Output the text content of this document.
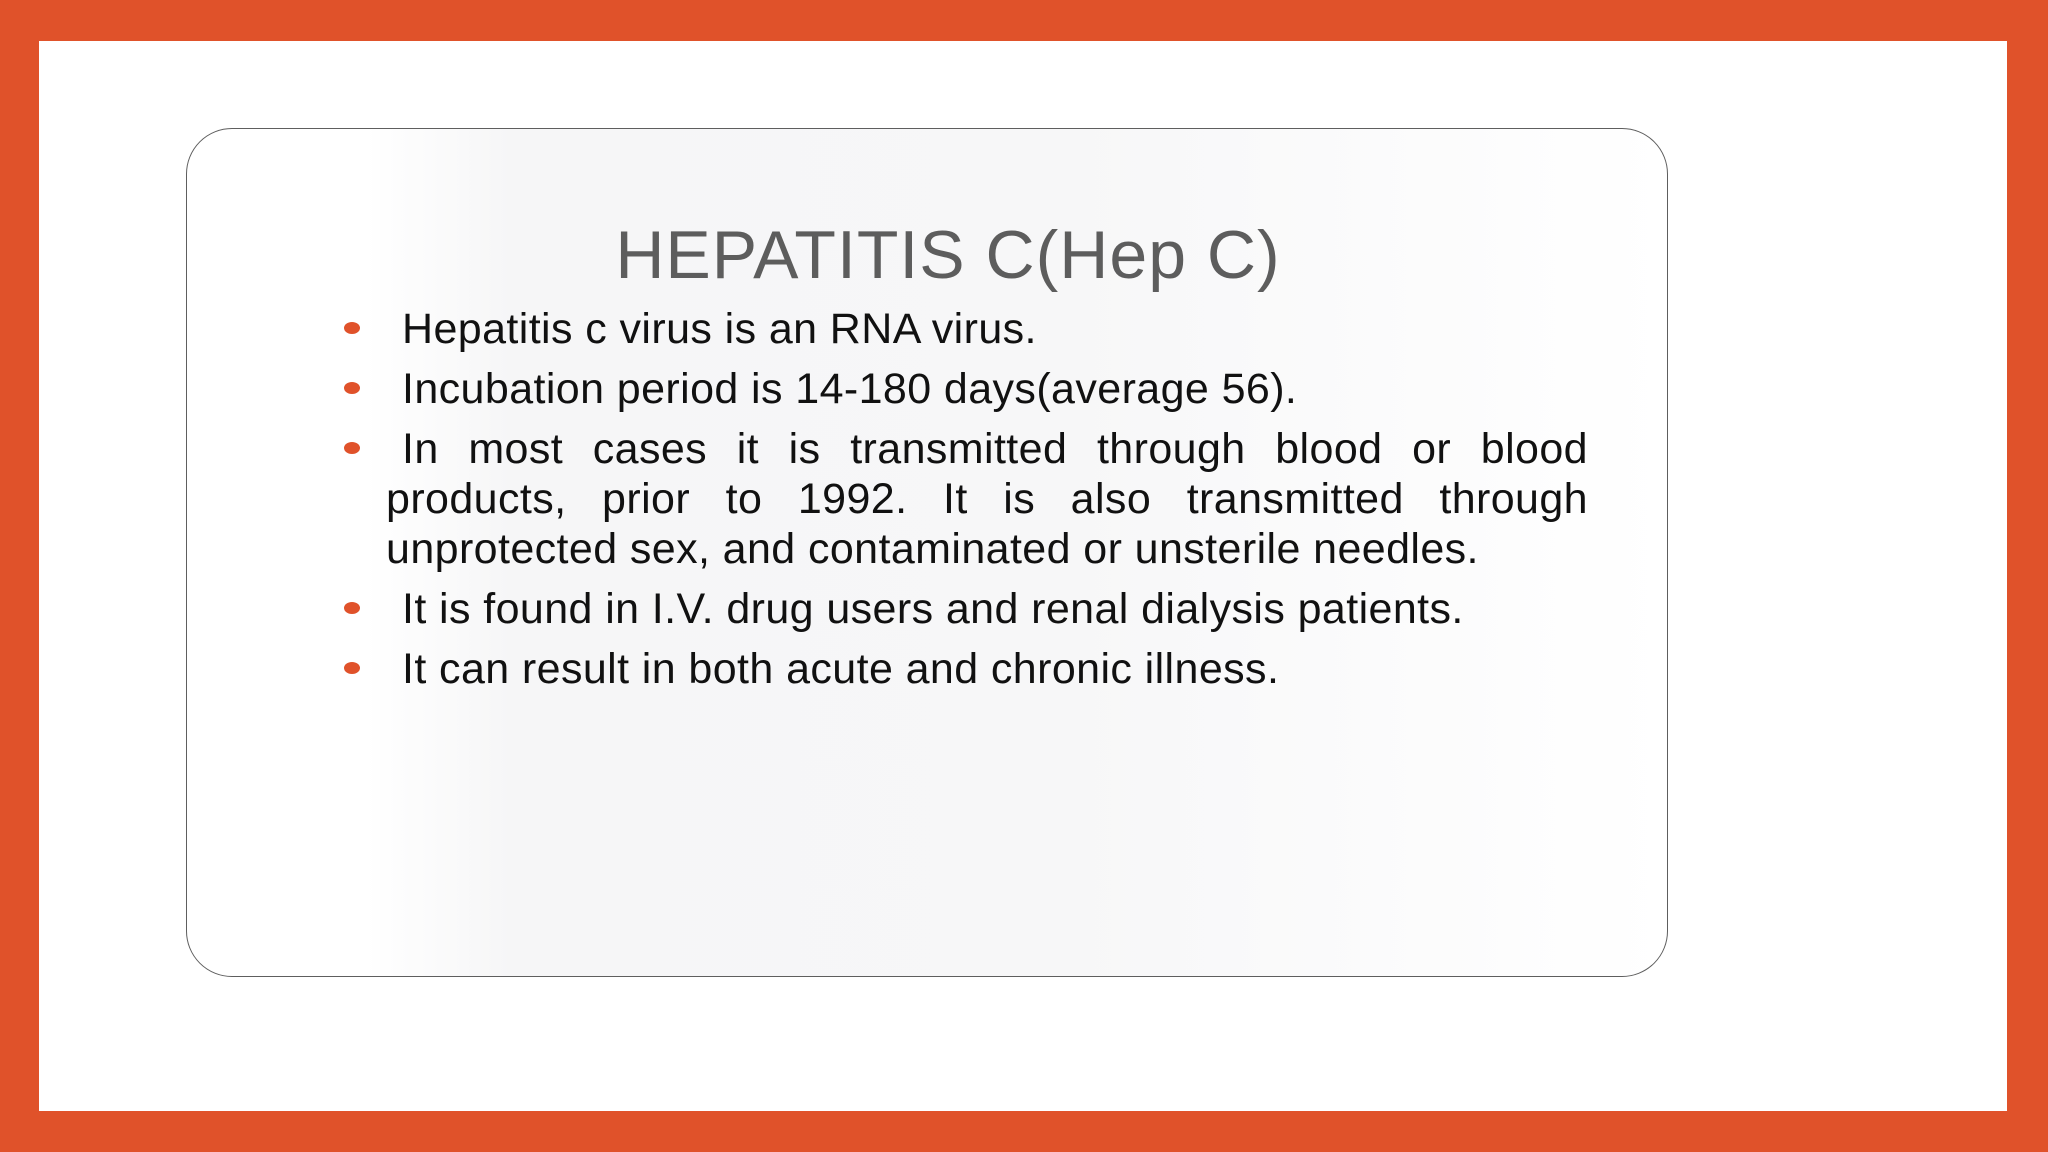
HEPATITIS C(Hep C)
Hepatitis c virus is an RNA virus.
Incubation period is 14-180 days(average 56).
In most cases it is transmitted through blood or blood products, prior to 1992. It is also transmitted through unprotected sex, and contaminated or unsterile needles.
It is found in I.V. drug users and renal dialysis patients.
It can result in both acute and chronic illness.
